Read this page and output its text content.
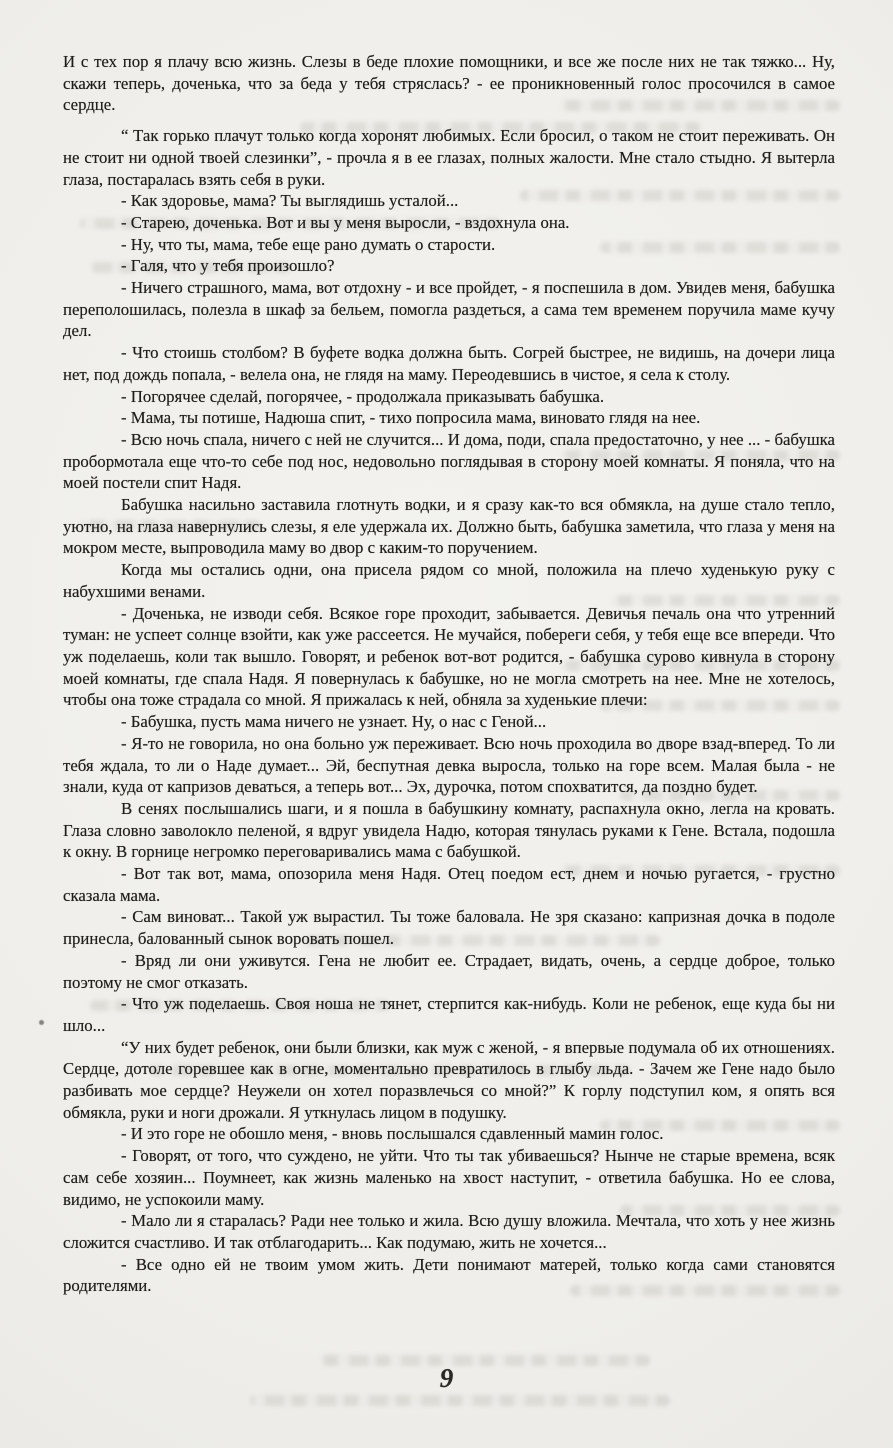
И с тех пор я плачу всю жизнь. Слезы в беде плохие помощники, и все же после них не так тяжко... Ну, скажи теперь, доченька, что за беда у тебя стряслась? - ее проникновенный голос просочился в самое сердце.

“ Так горько плачут только когда хоронят любимых. Если бросил, о таком не стоит переживать. Он не стоит ни одной твоей слезинки”, - прочла я в ее глазах, полных жалости. Мне стало стыдно. Я вытерла глаза, постаралась взять себя в руки.

- Как здоровье, мама? Ты выглядишь усталой...

- Старею, доченька. Вот и вы у меня выросли, - вздохнула она.

- Ну, что ты, мама, тебе еще рано думать о старости.

- Галя, что у тебя произошло?

- Ничего страшного, мама, вот отдохну - и все пройдет, - я поспешила в дом. Увидев меня, бабушка переполошилась, полезла в шкаф за бельем, помогла раздеться, а сама тем временем поручила маме кучу дел.

- Что стоишь столбом? В буфете водка должна быть. Согрей быстрее, не видишь, на дочери лица нет, под дождь попала, - велела она, не глядя на маму. Переодевшись в чистое, я села к столу.

- Погорячее сделай, погорячее, - продолжала приказывать бабушка.

- Мама, ты потише, Надюша спит, - тихо попросила мама, виновато глядя на нее.

- Всю ночь спала, ничего с ней не случится... И дома, поди, спала предостаточно, у нее ... - бабушка пробормотала еще что-то себе под нос, недовольно поглядывая в сторону моей комнаты. Я поняла, что на моей постели спит Надя.

Бабушка насильно заставила глотнуть водки, и я сразу как-то вся обмякла, на душе стало тепло, уютно, на глаза навернулись слезы, я еле удержала их. Должно быть, бабушка заметила, что глаза у меня на мокром месте, выпроводила маму во двор с каким-то поручением.

Когда мы остались одни, она присела рядом со мной, положила на плечо худенькую руку с набухшими венами.

- Доченька, не изводи себя. Всякое горе проходит, забывается. Девичья печаль она что утренний туман: не успеет солнце взойти, как уже рассеется. Не мучайся, побереги себя, у тебя еще все впереди. Что уж поделаешь, коли так вышло. Говорят, и ребенок вот-вот родится, - бабушка сурово кивнула в сторону моей комнаты, где спала Надя. Я повернулась к бабушке, но не могла смотреть на нее. Мне не хотелось, чтобы она тоже страдала со мной. Я прижалась к ней, обняла за худенькие плечи:

- Бабушка, пусть мама ничего не узнает. Ну, о нас с Геной...

- Я-то не говорила, но она больно уж переживает. Всю ночь проходила во дворе взад-вперед. То ли тебя ждала, то ли о Наде думает... Эй, беспутная девка выросла, только на горе всем. Малая была - не знали, куда от капризов деваться, а теперь вот... Эх, дурочка, потом спохватится, да поздно будет.

В сенях послышались шаги, и я пошла в бабушкину комнату, распахнула окно, легла на кровать. Глаза словно заволокло пеленой, я вдруг увидела Надю, которая тянулась руками к Гене. Встала, подошла к окну. В горнице негромко переговаривались мама с бабушкой.

- Вот так вот, мама, опозорила меня Надя. Отец поедом ест, днем и ночью ругается, - грустно сказала мама.

- Сам виноват... Такой уж вырастил. Ты тоже баловала. Не зря сказано: капризная дочка в подоле принесла, балованный сынок воровать пошел.

- Вряд ли они уживутся. Гена не любит ее. Страдает, видать, очень, а сердце доброе, только поэтому не смог отказать.

- Что уж поделаешь. Своя ноша не тянет, стерпится как-нибудь. Коли не ребенок, еще куда бы ни шло...

“У них будет ребенок, они были близки, как муж с женой, - я впервые подумала об их отношениях. Сердце, дотоле горевшее как в огне, моментально превратилось в глыбу льда. - Зачем же Гене надо было разбивать мое сердце? Неужели он хотел поразвлечься со мной?” К горлу подступил ком, я опять вся обмякла, руки и ноги дрожали. Я уткнулась лицом в подушку.

- И это горе не обошло меня, - вновь послышался сдавленный мамин голос.

- Говорят, от того, что суждено, не уйти. Что ты так убиваешься? Нынче не старые времена, всяк сам себе хозяин... Поумнеет, как жизнь маленько на хвост наступит, - ответила бабушка. Но ее слова, видимо, не успокоили маму.

- Мало ли я старалась? Ради нее только и жила. Всю душу вложила. Мечтала, что хоть у нее жизнь сложится счастливо. И так отблагодарить... Как подумаю, жить не хочется...

- Все одно ей не твоим умом жить. Дети понимают матерей, только когда сами становятся родителями.

9
